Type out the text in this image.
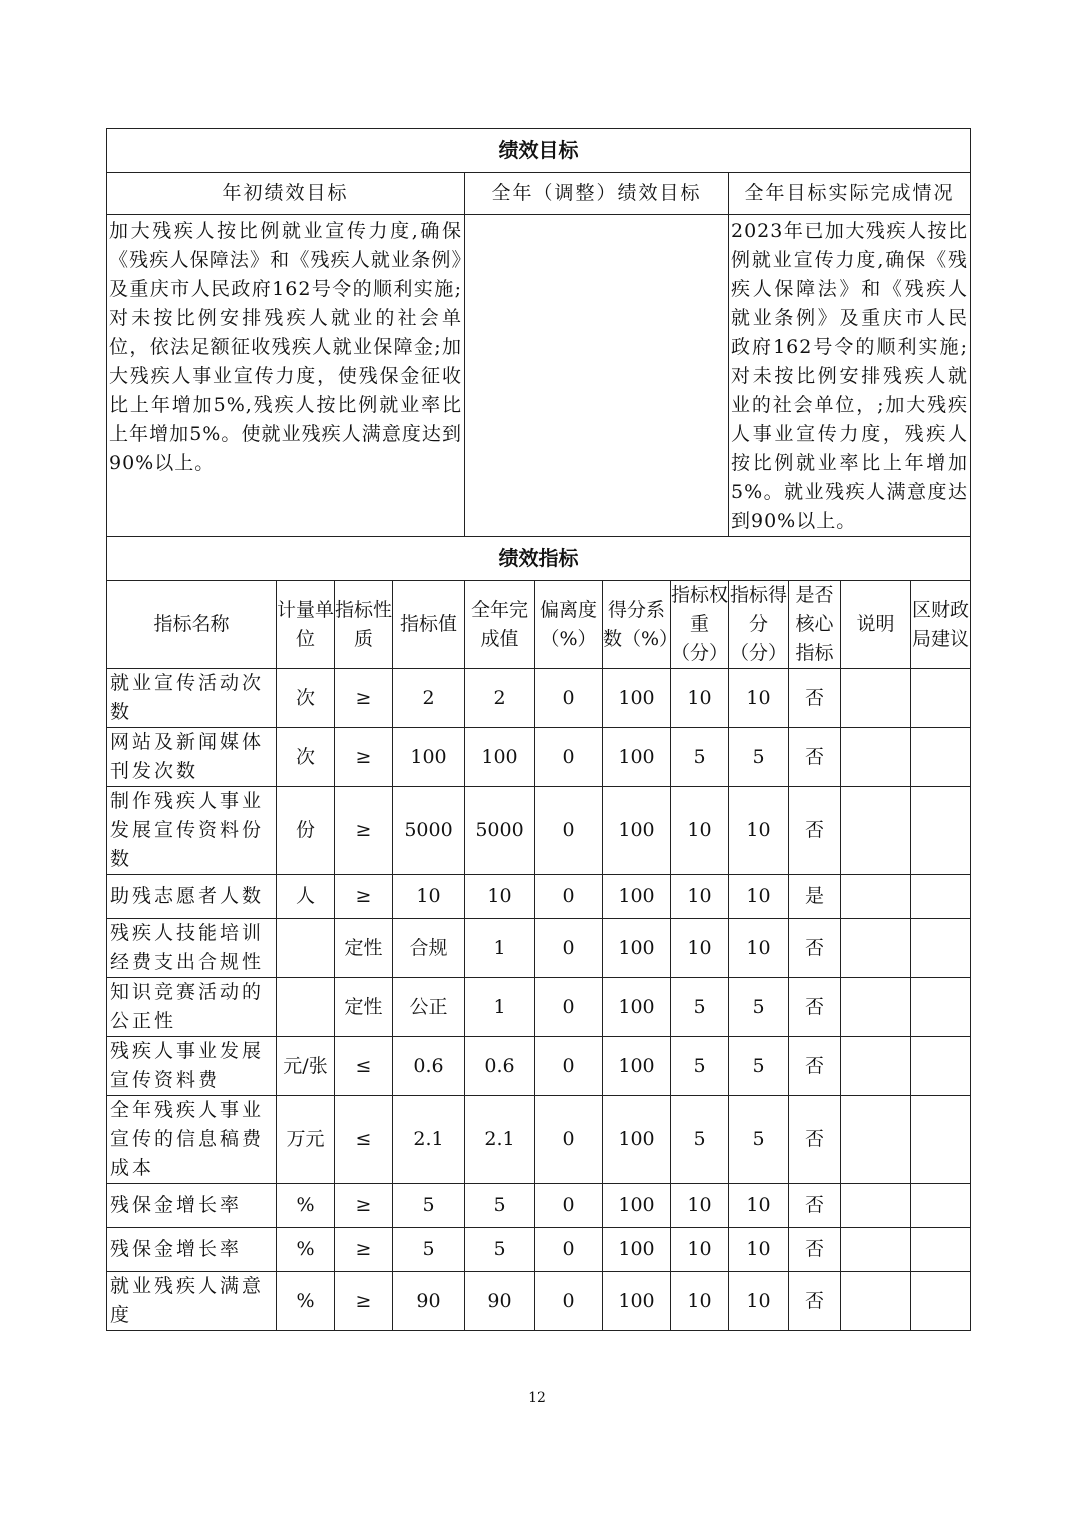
绩效目标											
年初绩效目标				全年（调整）绩效目标				全年目标实际完成情况			
加大残疾人按比例就业宣传力度,确保《残疾人保障法》和《残疾人就业条例》及重庆市人民政府162号令的顺利实施;对未按比例安排残疾人就业的社会单位，依法足额征收残疾人就业保障金;加大残疾人事业宣传力度，使残保金征收比上年增加5%,残疾人按比例就业率比上年增加5%。使就业残疾人满意度达到90%以上。								2023年已加大残疾人按比例就业宣传力度,确保《残疾人保障法》和《残疾人就业条例》及重庆市人民政府162号令的顺利实施;对未按比例安排残疾人就业的社会单位，;加大残疾人事业宣传力度，残疾人按比例就业率比上年增加5%。就业残疾人满意度达到90%以上。			
绩效指标											
指标名称	计量单位	指标性质	指标值	全年完成值	偏离度（%）	得分系数（%）	指标权重（分）	指标得分（分）	是否核心指标	说明	区财政局建议
就业宣传活动次数	次	≥	2	2	0	100	10	10	否		
网站及新闻媒体刊发次数	次	≥	100	100	0	100	5	5	否		
制作残疾人事业发展宣传资料份数	份	≥	5000	5000	0	100	10	10	否		
助残志愿者人数	人	≥	10	10	0	100	10	10	是		
残疾人技能培训经费支出合规性		定性	合规	1	0	100	10	10	否		
知识竞赛活动的公正性		定性	公正	1	0	100	5	5	否		
残疾人事业发展宣传资料费	元/张	≤	0.6	0.6	0	100	5	5	否		
全年残疾人事业宣传的信息稿费成本	万元	≤	2.1	2.1	0	100	5	5	否		
残保金增长率	%	≥	5	5	0	100	10	10	否		
残保金增长率	%	≥	5	5	0	100	10	10	否		
就业残疾人满意度	%	≥	90	90	0	100	10	10	否		
12
